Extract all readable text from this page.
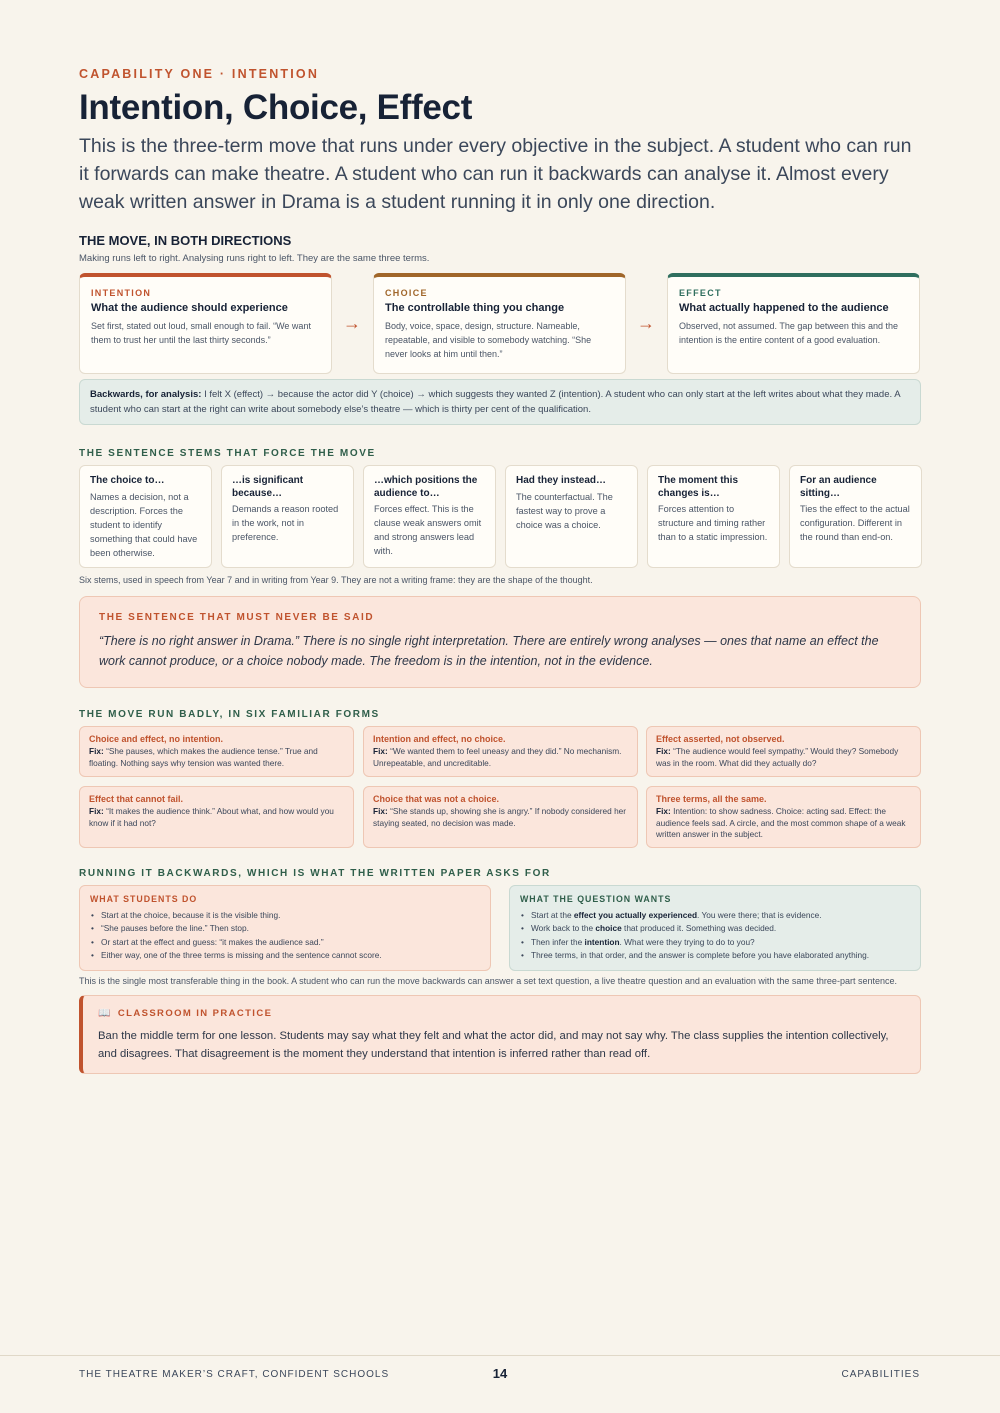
CAPABILITY ONE · INTENTION
Intention, Choice, Effect

This is the three-term move that runs under every objective in the subject. A student who can run it forwards can make theatre. A student who can run it backwards can analyse it. Almost every weak written answer in Drama is a student running it in only one direction.

THE MOVE, IN BOTH DIRECTIONS
Making runs left to right. Analysing runs right to left. They are the same three terms.
INTENTION
What the audience should experience
Set first, stated out loud, small enough to fail. “We want them to trust her until the last thirty seconds.”
→
CHOICE
The controllable thing you change
Body, voice, space, design, structure. Nameable, repeatable, and visible to somebody watching. “She never looks at him until then.”
→
EFFECT
What actually happened to the audience
Observed, not assumed. The gap between this and the intention is the entire content of a good evaluation.
Backwards, for analysis: I felt X (effect) → because the actor did Y (choice) → which suggests they wanted Z (intention). A student who can only start at the left writes about what they made. A student who can start at the right can write about somebody else’s theatre — which is thirty per cent of the qualification.
THE SENTENCE STEMS THAT FORCE THE MOVE
The choice to…
Names a decision, not a description. Forces the student to identify something that could have been otherwise.
…is significant because…
Demands a reason rooted in the work, not in preference.
…which positions the audience to…
Forces effect. This is the clause weak answers omit and strong answers lead with.
Had they instead…
The counterfactual. The fastest way to prove a choice was a choice.
The moment this changes is…
Forces attention to structure and timing rather than to a static impression.
For an audience sitting…
Ties the effect to the actual configuration. Different in the round than end-on.
Six stems, used in speech from Year 7 and in writing from Year 9. They are not a writing frame: they are the shape of the thought.
THE SENTENCE THAT MUST NEVER BE SAID
“There is no right answer in Drama.” There is no single right interpretation. There are entirely wrong analyses — ones that name an effect the work cannot produce, or a choice nobody made. The freedom is in the intention, not in the evidence.
THE MOVE RUN BADLY, IN SIX FAMILIAR FORMS
Choice and effect, no intention.
Fix: “She pauses, which makes the audience tense.” True and floating. Nothing says why tension was wanted there.
Intention and effect, no choice.
Fix: “We wanted them to feel uneasy and they did.” No mechanism. Unrepeatable, and uncreditable.
Effect asserted, not observed.
Fix: “The audience would feel sympathy.” Would they? Somebody was in the room. What did they actually do?
Effect that cannot fail.
Fix: “It makes the audience think.” About what, and how would you know if it had not?
Choice that was not a choice.
Fix: “She stands up, showing she is angry.” If nobody considered her staying seated, no decision was made.
Three terms, all the same.
Fix: Intention: to show sadness. Choice: acting sad. Effect: the audience feels sad. A circle, and the most common shape of a weak written answer in the subject.
RUNNING IT BACKWARDS, WHICH IS WHAT THE WRITTEN PAPER ASKS FOR
WHAT STUDENTS DO
• Start at the choice, because it is the visible thing.
• “She pauses before the line.” Then stop.
• Or start at the effect and guess: “it makes the audience sad.”
• Either way, one of the three terms is missing and the sentence cannot score.
WHAT THE QUESTION WANTS
• Start at the effect you actually experienced. You were there; that is evidence.
• Work back to the choice that produced it. Something was decided.
• Then infer the intention. What were they trying to do to you?
• Three terms, in that order, and the answer is complete before you have elaborated anything.
This is the single most transferable thing in the book. A student who can run the move backwards can answer a set text question, a live theatre question and an evaluation with the same three-part sentence.
📖 CLASSROOM IN PRACTICE
Ban the middle term for one lesson. Students may say what they felt and what the actor did, and may not say why. The class supplies the intention collectively, and disagrees. That disagreement is the moment they understand that intention is inferred rather than read off.
THE THEATRE MAKER’S CRAFT, CONFIDENT SCHOOLS	14	CAPABILITIES
